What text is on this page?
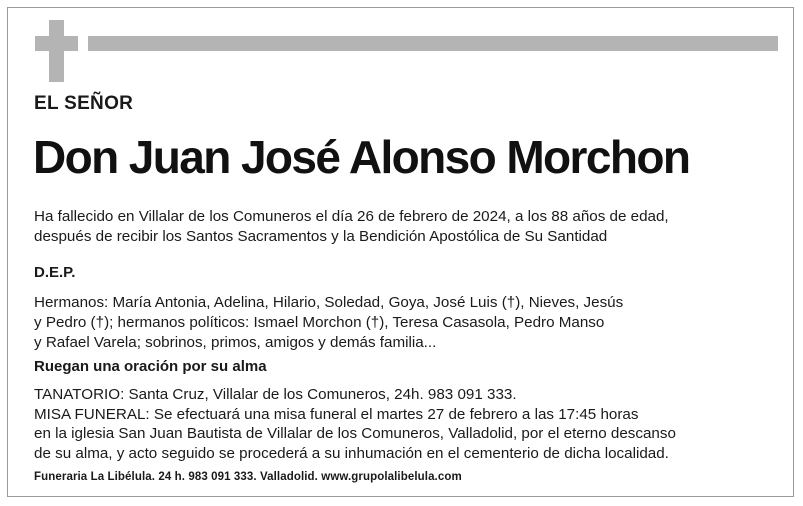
EL SEÑOR
Don Juan José Alonso Morchon
Ha fallecido en Villalar de los Comuneros el día 26 de febrero de 2024, a los 88 años de edad,
después de recibir los Santos Sacramentos y la Bendición Apostólica de Su Santidad
D.E.P.
Hermanos: María Antonia, Adelina, Hilario, Soledad, Goya, José Luis (†), Nieves, Jesús
y Pedro (†); hermanos políticos: Ismael Morchon (†), Teresa Casasola, Pedro Manso
y Rafael Varela; sobrinos, primos, amigos y demás familia...
Ruegan una oración por su alma
TANATORIO: Santa Cruz, Villalar de los Comuneros, 24h. 983 091 333.
MISA FUNERAL: Se efectuará una misa funeral el martes 27 de febrero a las 17:45 horas
en la iglesia San Juan Bautista de Villalar de los Comuneros, Valladolid, por el eterno descanso
de su alma, y acto seguido se procederá a su inhumación en el cementerio de dicha localidad.
Funeraria La Libélula. 24 h. 983 091 333. Valladolid. www.grupolalibelula.com
